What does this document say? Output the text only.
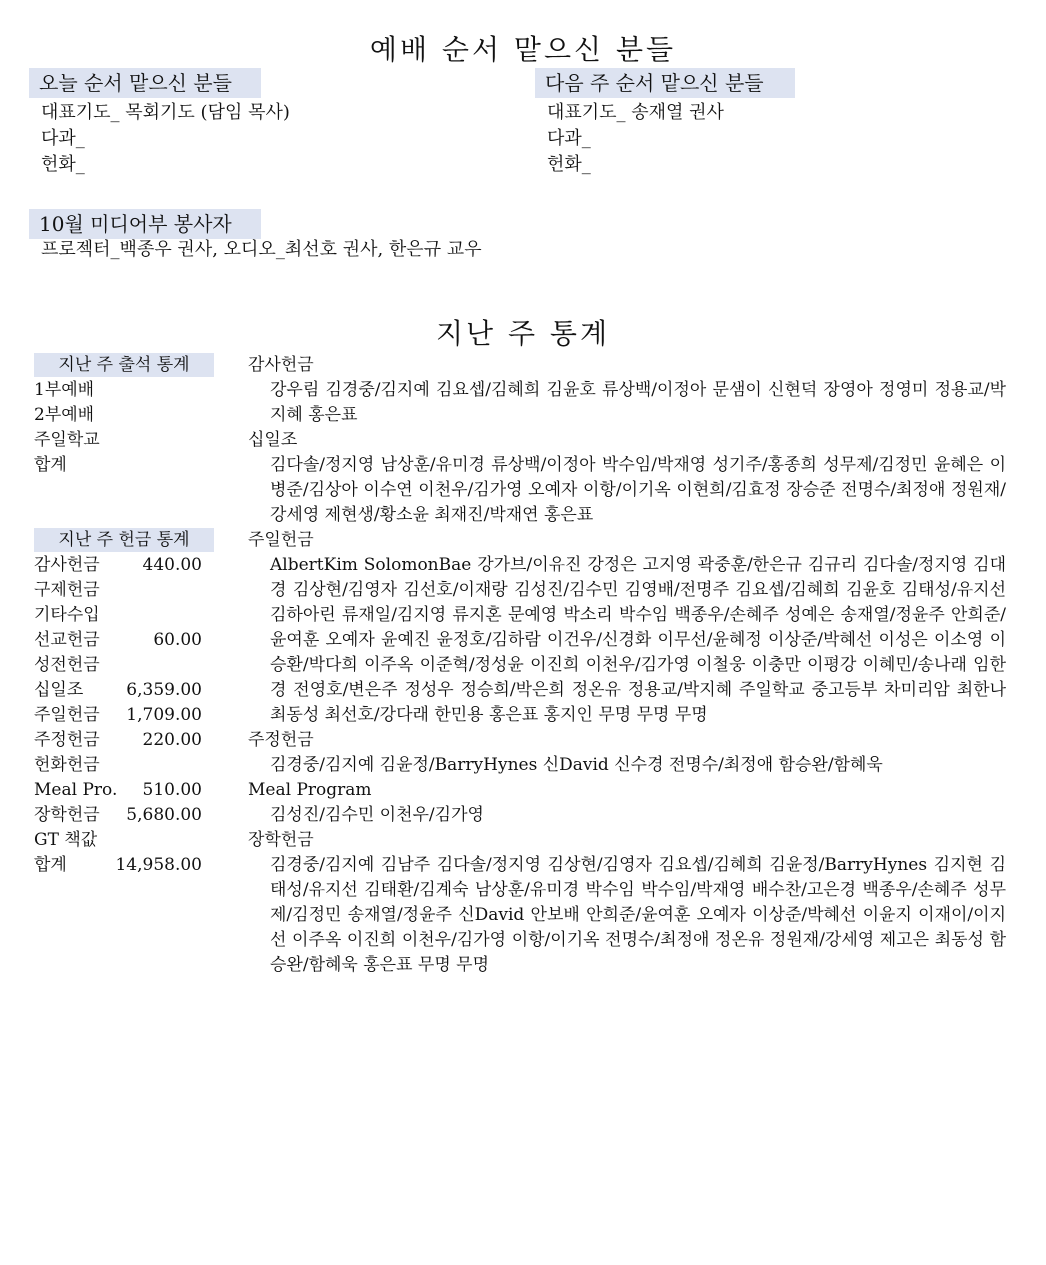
예배 순서 맡으신 분들
오늘 순서 맡으신 분들
대표기도_ 목회기도 (담임 목사)
다과_
헌화_
다음 주 순서 맡으신 분들
대표기도_ 송재열 권사
다과_
헌화_
10월 미디어부 봉사자
프로젝터_백종우 권사, 오디오_최선호 권사, 한은규 교우
지난 주 통계
지난 주 출석 통계
1부예배
2부예배
주일학교
합계
지난 주 헌금 통계
감사헌금	440.00
구제헌금
기타수입
선교헌금	60.00
성전헌금
십일조	6,359.00
주일헌금 1,709.00
주정헌금	220.00
헌화헌금
Meal Pro. 510.00
장학헌금 5,680.00
GT 책값
합계	14,958.00
감사헌금
강우림 김경중/김지예 김요셉/김혜희 김윤호 류상백/이정아 문샘이 신현덕 장영아 정영미 정용교/박지혜 홍은표
십일조
김다솔/정지영 남상훈/유미경 류상백/이정아 박수임/박재영 성기주/홍종희 성무제/김정민 윤혜은 이병준/김상아 이수연 이천우/김가영 오예자 이항/이기옥 이현희/김효정 장승준 전명수/최정애 정원재/강세영 제현생/황소윤 최재진/박재연 홍은표
주일헌금
AlbertKim SolomonBae 강가브/이유진 강정은 고지영 곽중훈/한은규 김규리 김다솔/정지영 김대경 김상현/김영자 김선호/이재랑 김성진/김수민 김영배/전명주 김요셉/김혜희 김윤호 김태성/유지선 김하아린 류재일/김지영 류지혼 문예영 박소리 박수임 백종우/손혜주 성예은 송재열/정윤주 안희준/윤여훈 오예자 윤예진 윤정호/김하람 이건우/신경화 이무선/윤혜정 이상준/박혜선 이성은 이소영 이승환/박다희 이주옥 이준혁/정성윤 이진희 이천우/김가영 이철웅 이충만 이평강 이혜민/송나래 임한경 전영호/변은주 정성우 정승희/박은희 정온유 정용교/박지혜 주일학교 중고등부 차미리암 최한나 최동성 최선호/강다래 한민용 홍은표 홍지인 무명 무명 무명
주정헌금
김경중/김지예 김윤정/BarryHynes 신David 신수경 전명수/최정애 함승완/함혜욱
Meal Program
김성진/김수민 이천우/김가영
장학헌금
김경중/김지예 김남주 김다솔/정지영 김상현/김영자 김요셉/김혜희 김윤정/BarryHynes 김지현 김태성/유지선 김태환/김계숙 남상훈/유미경 박수임 박수임/박재영 배수찬/고은경 백종우/손혜주 성무제/김정민 송재열/정윤주 신David 안보배 안희준/윤여훈 오예자 이상준/박혜선 이윤지 이재이/이지선 이주옥 이진희 이천우/김가영 이항/이기옥 전명수/최정애 정온유 정원재/강세영 제고은 최동성 함승완/함혜욱 홍은표 무명 무명
